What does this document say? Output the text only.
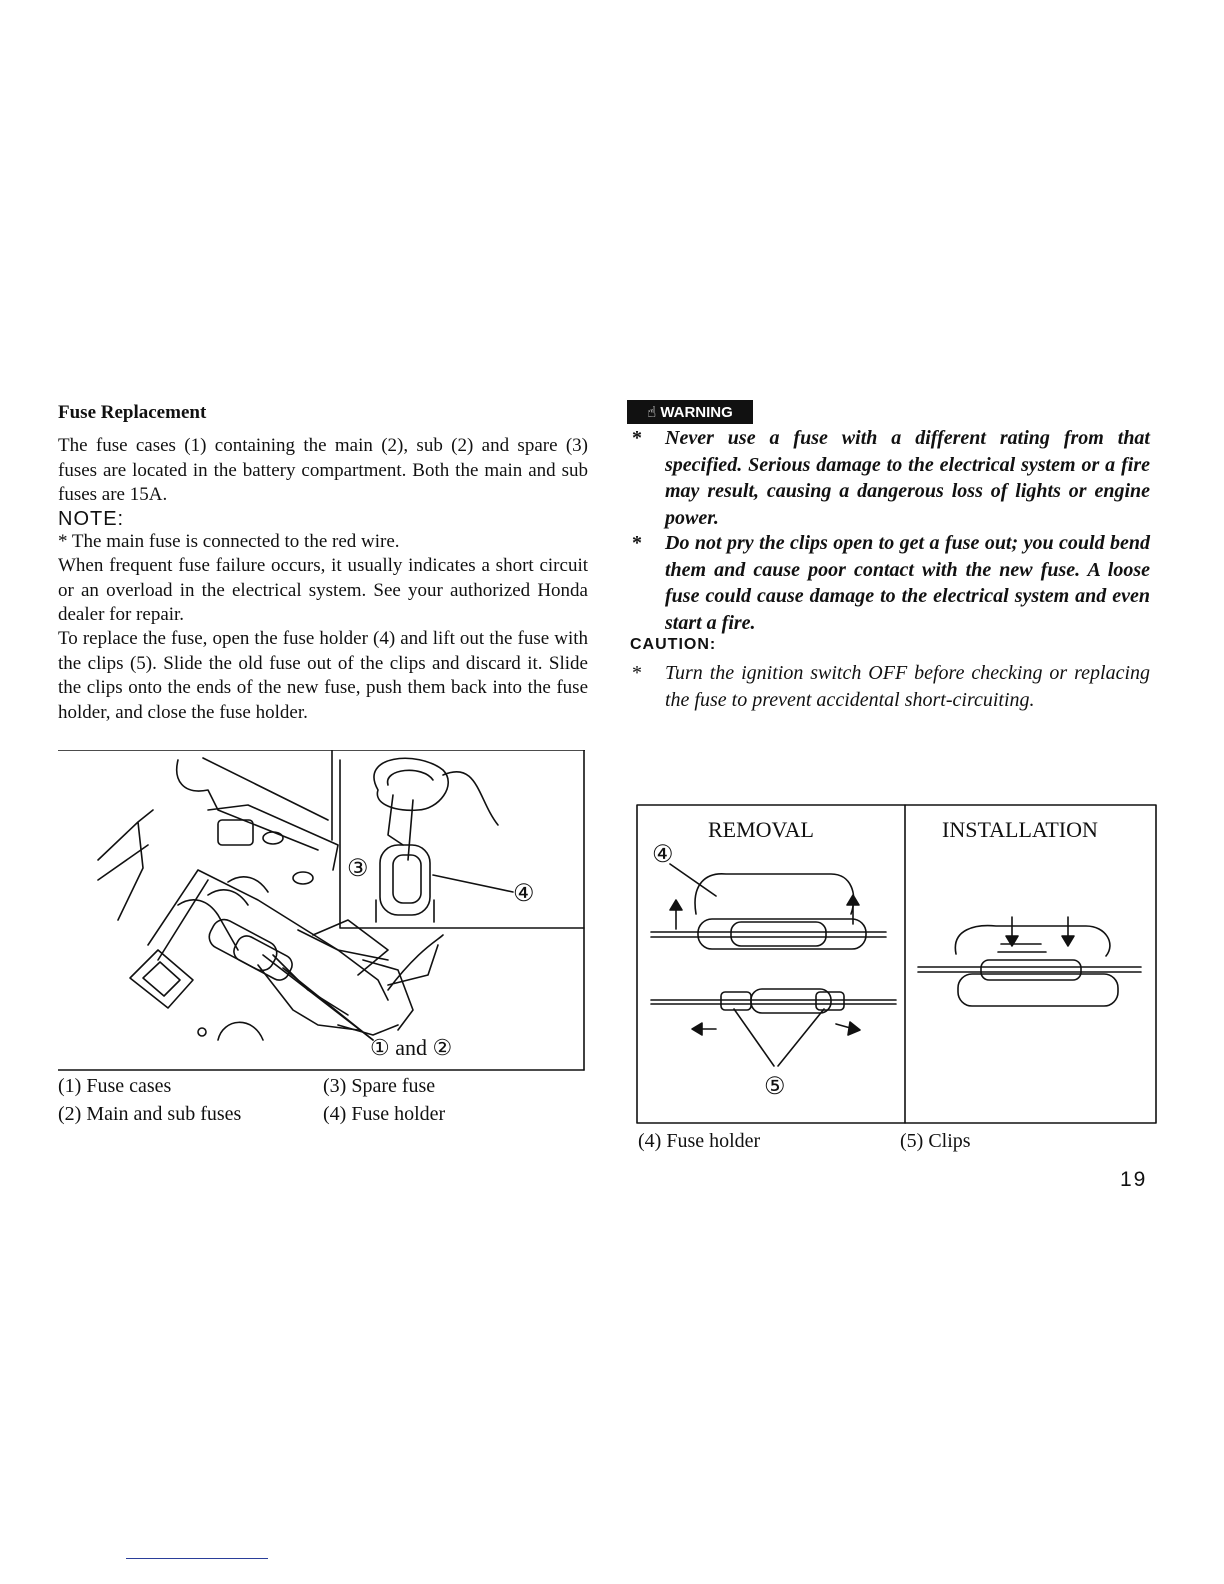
Fuse Replacement
The fuse cases (1) containing the main (2), sub (2) and spare (3) fuses are located in the battery compartment. Both the main and sub fuses are 15A.
NOTE:
* The main fuse is connected to the red wire.
When frequent fuse failure occurs, it usually indicates a short circuit or an overload in the electrical system. See your authorized Honda dealer for repair.
To replace the fuse, open the fuse holder (4) and lift out the fuse with the clips (5). Slide the old fuse out of the clips and discard it. Slide the clips onto the ends of the new fuse, push them back into the fuse holder, and close the fuse holder.
③
④
① and ②
(1) Fuse cases
(2) Main and sub fuses
(3) Spare fuse
(4) Fuse holder
☝ WARNING
* Never use a fuse with a different rating from that specified. Serious damage to the electrical system or a fire may result, causing a dangerous loss of lights or engine power.
* Do not pry the clips open to get a fuse out; you could bend them and cause poor contact with the new fuse. A loose fuse could cause damage to the electrical system and even start a fire.
CAUTION:
* Turn the ignition switch OFF before checking or replacing the fuse to prevent accidental short-circuiting.
REMOVAL	INSTALLATION
④
⑤
(4) Fuse holder	(5) Clips
19
